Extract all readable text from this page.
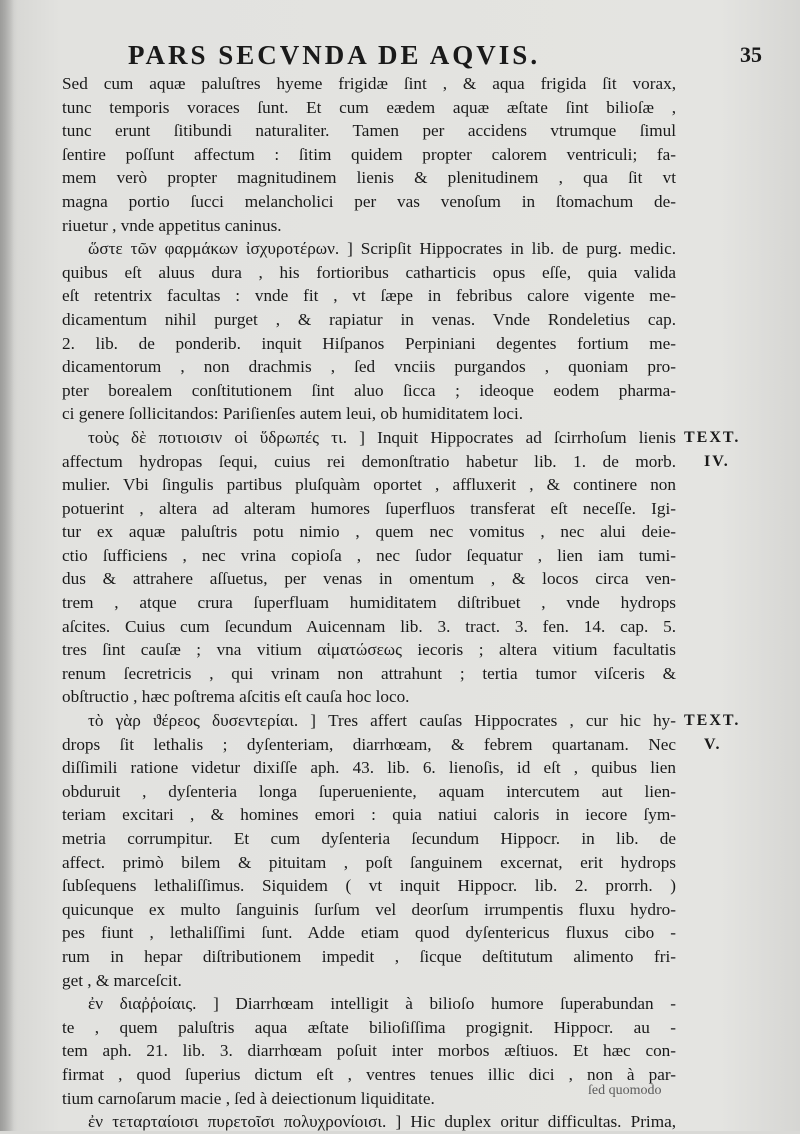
PARS SECVNDA DE AQVIS.	35
Sed cum aquæ paluſtres hyeme frigidæ ſint , & aqua frigida ſit vorax,
tunc temporis voraces ſunt. Et cum eædem aquæ æſtate ſint bilioſæ ,
tunc erunt ſitibundi naturaliter. Tamen per accidens vtrumque ſimul
ſentire poſſunt affectum : ſitim quidem propter calorem ventriculi; fa-
mem verò propter magnitudinem lienis & plenitudinem , qua ſit vt
magna portio ſucci melancholici per vas venoſum in ſtomachum de-
riuetur , vnde appetitus caninus.
ὥστε τῶν φαρμάκων ἰσχυροτέρων. ] Scripſit Hippocrates in lib. de purg. medic.
quibus eſt aluus dura , his fortioribus catharticis opus eſſe, quia valida
eſt retentrix facultas : vnde fit , vt ſæpe in febribus calore vigente me-
dicamentum nihil purget , & rapiatur in venas. Vnde Rondeletius cap.
2. lib. de ponderib. inquit Hiſpanos Perpiniani degentes fortium me-
dicamentorum , non drachmis , ſed vnciis purgandos , quoniam pro-
pter borealem conſtitutionem ſint aluo ſicca ; ideoque eodem pharma-
ci genere ſollicitandos: Pariſienſes autem leui, ob humiditatem loci.
τοὺς δὲ ποτιοισιν οἱ ὕδρωπές τι. ] Inquit Hippocrates ad ſcirrhoſum lienis
affectum hydropas ſequi, cuius rei demonſtratio habetur lib. 1. de morb.
mulier. Vbi ſingulis partibus pluſquàm oportet , affluxerit , & continere non
potuerint , altera ad alteram humores ſuperfluos transferat eſt neceſſe. Igi-
tur ex aquæ paluſtris potu nimio , quem nec vomitus , nec alui deie-
ctio ſufficiens , nec vrina copioſa , nec ſudor ſequatur , lien iam tumi-
dus & attrahere aſſuetus, per venas in omentum , & locos circa ven-
trem , atque crura ſuperfluam humiditatem diſtribuet , vnde hydrops
aſcites. Cuius cum ſecundum Auicennam lib. 3. tract. 3. fen. 14. cap. 5.
tres ſint cauſæ ; vna vitium αἱματώσεως iecoris ; altera vitium facultatis
renum ſecretricis , qui vrinam non attrahunt ; tertia tumor viſceris &
obſtructio , hæc poſtrema aſcitis eſt cauſa hoc loco.
τὸ γὰρ ϑέρεος δυσεντερίαι. ] Tres affert cauſas Hippocrates , cur hic hy-
drops ſit lethalis ; dyſenteriam, diarrhœam, & febrem quartanam. Nec
diſſimili ratione videtur dixiſſe aph. 43. lib. 6. lienoſis, id eſt , quibus lien
obduruit , dyſenteria longa ſuperueniente, aquam intercutem aut lien-
teriam excitari , & homines emori : quia natiui caloris in iecore ſym-
metria corrumpitur. Et cum dyſenteria ſecundum Hippocr. in lib. de
affect. primò bilem & pituitam , poſt ſanguinem excernat, erit hydrops
ſubſequens lethaliſſimus. Siquidem ( vt inquit Hippocr. lib. 2. prorrh. )
quicunque ex multo ſanguinis ſurſum vel deorſum irrumpentis fluxu hydro-
pes fiunt , lethaliſſimi ſunt. Adde etiam quod dyſentericus fluxus cibo -
rum in hepar diſtributionem impedit , ſicque deſtitutum alimento fri-
get , & marceſcit.
ἐν διαῤῥοίαις. ] Diarrhœam intelligit à bilioſo humore ſuperabundan -
te , quem paluſtris aqua æſtate bilioſiſſima progignit. Hippocr. au -
tem aph. 21. lib. 3. diarrhœam poſuit inter morbos æſtiuos. Et hæc con-
firmat , quod ſuperius dictum eſt , ventres tenues illic dici , non à par-
tium carnoſarum macie , ſed à deiectionum liquiditate.
ἐν τεταρταίοισι πυρετοῖσι πολυχρονίοισι. ] Hic duplex oritur difficultas. Prima,
TEXT.
IV.
TEXT.
V.
ſed quomodo
